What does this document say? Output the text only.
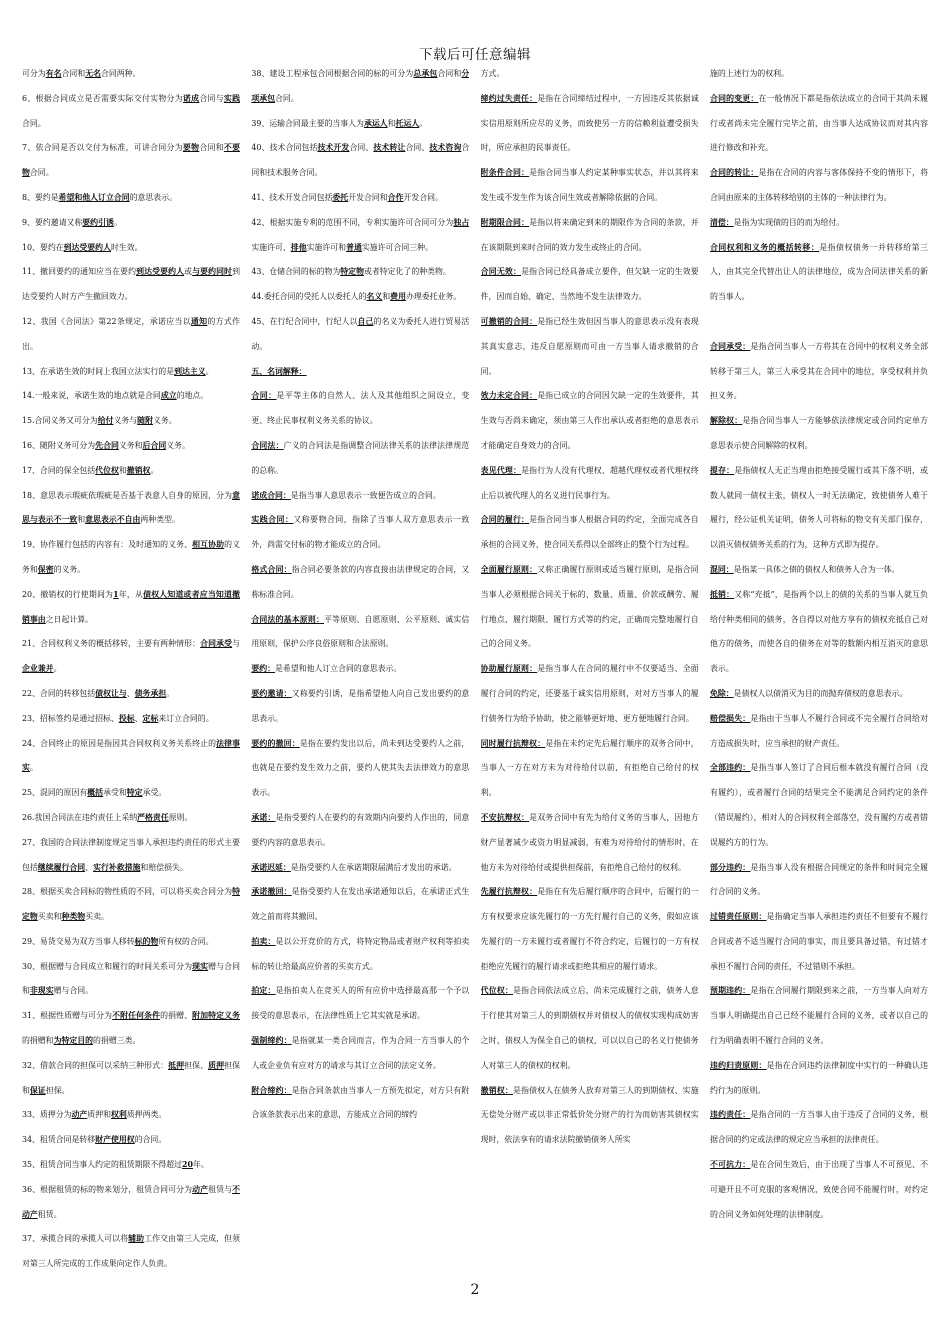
下载后可任意编辑

可分为有名合同和无名合同两种。

6、根据合同成立是否需要实际交付实物分为诺成合同与实践合同。

7、依合同是否以交付为标准，可讲合同分为要物合同和不要物合同。

8、要约是希望和他人订立合同的意思表示。

9、要约邀请又称要约引诱。

10、要约在到达受要约人时生效。

11、撤回要约的通知应当在要约到达受要约人或与要约同时到达受要约人时方产生撤回效力。

12、我国《合同法》第22条规定，承诺应当以通知的方式作出。

13、在承诺生效的时间上我国立法实行的是到达主义。

14.一般来说，承诺生效的地点就是合同成立的地点。

15.合同义务又可分为给付义务与随附义务。

16、随附义务可分为先合同义务和后合同义务。

17、合同的保全包括代位权和撤销权。

18、意思表示瑕疵依瑕疵是否基于表意人自身的原因，分为意思与表示不一致和意思表示不自由两种类型。

19、协作履行包括的内容有：及时通知的义务、相互协助的义务和保密的义务。

20、撤销权的行使期间为1年，从债权人知道或者应当知道撤销事由之日起计算。

21、合同权利义务的概括移转，主要有两种情形：合同承受与企业兼并。

22、合同的转移包括债权让与、债务承担。

23、招标签约是通过招标、投标、定标来订立合同的。

24、合同终止的原因是指因其合同权利义务关系终止的法律事实。

25、混同的原因有概括承受和特定承受。

26.我国合同法在违约责任上采纳严格责任原则。

27、我国的合同法律制度规定当事人承担违约责任的形式主要包括继续履行合同、实行补救措施和赔偿损失。

28、根据买卖合同标的物性质的不同，可以将买卖合同分为特定物买卖和种类物买卖。

29、易货交易为双方当事人移转标的物所有权的合同。

30、根据赠与合同成立和履行的时间关系可分为现实赠与合同和非现实赠与合同。

31、根据性质赠与可分为不附任何条件的捐赠、附加特定义务的捐赠和为特定目的的捐赠三类。

32、借款合同的担保可以采纳三种形式：抵押担保、质押担保和保证担保。

33、质押分为动产质押和权利质押两类。

34、租赁合同是转移财产使用权的合同。

35、租赁合同当事人约定的租赁期限不得超过20年。

36、根据租赁的标的物来划分，租赁合同可分为动产租赁与不动产租赁。

37、承揽合同的承揽人可以将辅助工作交由第三人完成，但须对第三人所完成的工作成果向定作人负责。

38、建设工程承包合同根据合同的标的可分为总承包合同和分项承包合同。

39、运输合同最主要的当事人为承运人和托运人。

40、技术合同包括技术开发合同、技术转让合同、技术咨询合同和技术服务合同。

41、技术开发合同包括委托开发合同和合作开发合同。

42、根据实施专利的范围不同，专利实施许可合同可分为独占实施许可、排他实施许可和普通实施许可合同三种。

43、仓储合同的标的物为特定物或者特定化了的种类物。

44.委托合同的受托人以委托人的名义和费用办理委托业务。

45、在行纪合同中，行纪人以自己的名义为委托人进行贸易活动。

五、名词解释：

合同：是平等主体的自然人、法人及其他组织之间设立，变更、终止民事权利义务关系的协议。

合同法：广义的合同法是指调整合同法律关系的法律法律规范的总称。

诺成合同：是指当事人意思表示一致便告成立的合同。

实践合同：又称要物合同，指除了当事人双方意思表示一致外，尚需交付标的物才能成立的合同。

格式合同：指合同必要条款的内容直接由法律规定的合同，又称标准合同。

合同法的基本原则：平等原则、自愿原则、公平原则、诚实信用原则，保护公序良俗原则和合法原则。

要约：是希望和他人订立合同的意思表示。

要约邀请：又称要约引诱，是指希望他人向自己发出要约的意思表示。

要约的撤回：是指在要约发出以后，尚未到达受要约人之前，也就是在要约发生效力之前，要约人使其失去法律效力的意思表示。

承诺：是指受要约人在要约的有效期内向要约人作出的，同意要约内容的意思表示。

承诺迟延：是指受要约人在承诺期限届满后才发出的承诺。

承诺撤回：是指受要约人在发出承诺通知以后，在承诺正式生效之前而将其撤回。

拍卖：是以公开竞价的方式，将特定物品或者财产权利等拍卖标的转让给最高应价者的买卖方式。

拍定：是指拍卖人在竞买人的所有应价中选择最高那一个予以接受的意思表示，在法律性质上它其实就是承诺。

强制缔约：是指就某一类合同而言，作为合同一方当事人的个人或企业负有应对方的请求与其订立合同的法定义务。

附合缔约：是指合同条款由当事人一方预先拟定，对方只有附合该条款表示出来的意思，方能成立合同的缔约

方式。

缔约过失责任：是指在合同缔结过程中，一方因违反其依据诚实信用原则所应尽的义务，而致使另一方的信赖利益遭受损失时，所应承担的民事责任。

附条件合同：是指合同当事人约定某种事实状态，并以其将来发生或不发生作为该合同生效或者解除依据的合同。

附期限合同：是指以将来确定到来的期限作为合同的条款，并在该期限到来时合同的效力发生或终止的合同。

合同无效：是指合同已经具备成立要件，但欠缺一定的生效要件，因而自始、确定、当然地不发生法律效力。

可撤销的合同：是指已经生效但因当事人的意思表示没有表现其真实意志，违反自愿原则而可由一方当事人请求撤销的合同。

效力未定合同：是指已成立的合同因欠缺一定的生效要件，其生效与否尚未确定，须由第三人作出承认或者拒绝的意思表示才能确定自身效力的合同。

表见代理：是指行为人没有代理权、超越代理权或者代理权终止后以被代理人的名义进行民事行为。

合同的履行：是指合同当事人根据合同的约定，全面完成各自承担的合同义务，使合同关系得以全部终止的整个行为过程。

全面履行原则：又称正确履行原则或适当履行原则，是指合同当事人必须根据合同关于标的、数量、质量、价款或酬劳、履行地点、履行期限、履行方式等的约定，正确而完整地履行自己的合同义务。

协助履行原则：是指当事人在合同的履行中不仅要适当、全面履行合同的约定，还要基于诚实信用原则，对对方当事人的履行债务行为给予协助，使之能够更好地、更方便地履行合同。

同时履行抗辩权：是指在未约定先后履行顺序的双务合同中，当事人一方在对方未为对待给付以前，有拒绝自己给付的权利。

不安抗辩权：是双务合同中有先为给付义务的当事人，因他方财产显著减少或资力明显减弱，有难为对待给付的情形时，在他方未为对待给付或提供担保前，有拒绝自己给付的权利。

先履行抗辩权：是指在有先后履行顺序的合同中，后履行的一方有权要求应该先履行的一方先行履行自己的义务，假如应该先履行的一方未履行或者履行不符合约定，后履行的一方有权拒绝应先履行的履行请求或拒绝其相应的履行请求。

代位权：是指合同依法成立后，尚未完成履行之前，债务人怠于行使其对第三人的到期债权并对债权人的债权实现构成妨害之时，债权人为保全自己的债权，可以以自己的名义行使债务人对第三人的债权的权利。

撤销权：是指债权人在债务人放弃对第三人的到期债权、实施无偿处分财产或以非正常低价处分财产的行为而妨害其债权实现时，依法享有的请求法院撤销债务人所实

施的上述行为的权利。

合同的变更：在一般情况下都是指依法成立的合同于其尚未履行或者尚未完全履行完毕之前，由当事人达成协议而对其内容进行修改和补充。

合同的转让：是指在合同的内容与客体保持不变的情形下，将合同由原来的主体转移给别的主体的一种法律行为。

清偿：是指为实现债的目的而为给付。

合同权利和义务的概括转移：是指债权债务一并转移给第三人，由其完全代替出让人的法律地位，成为合同法律关系的新的当事人。

合同承受：是指合同当事人一方将其在合同中的权利义务全部转移于第三人，第三人承受其在合同中的地位，享受权利并负担义务。

解除权：是指合同当事人一方能够依法律规定或合同约定单方意思表示使合同解除的权利。

提存：是指债权人无正当理由拒绝接受履行或其下落不明，或数人就同一债权主张，债权人一时无法确定，致使债务人难于履行，经公证机关证明，债务人可将标的物交有关部门保存，以消灭债权债务关系的行为，这种方式即为提存。

混同：是指某一具体之债的债权人和债务人合为一体。

抵销：又称“充抵”，是指两个以上的债的关系的当事人就互负给付种类相同的债务，各自得以对他方享有的债权充抵自己对他方的债务，而使各自的债务在对等的数额内相互消灭的意思表示。

免除：是债权人以债消灭为目的而抛弃债权的意思表示。

赔偿损失：是指由于当事人不履行合同或不完全履行合同给对方造成损失时，应当承担的财产责任。

全部违约：是指当事人签订了合同后根本就没有履行合同（没有履约），或者履行合同的结果完全不能满足合同约定的条件（错误履约），相对人的合同权利全部落空，没有履约方或者错误履约方的行为。

部分违约：是指当事人没有根据合同规定的条件和时间完全履行合同的义务。

过错责任原则：是指确定当事人承担违约责任不但要有不履行合同或者不适当履行合同的事实，而且要具备过错，有过错才承担不履行合同的责任，不过错则不承担。

预期违约：是指在合同履行期限到来之前，一方当事人向对方当事人明确提出自己已经不能履行合同的义务，或者以自己的行为明确表明不履行合同的义务。

违约归责原则：是指在合同违约法律制度中实行的一种确认违约行为的原则。

违约责任：是指合同的一方当事人由于违反了合同的义务，根据合同的约定或法律的规定应当承担的法律责任。

不可抗力：是在合同生效后，由于出现了当事人不可预见、不可避开且不可克服的客观情况，致使合同不能履行时，对约定的合同义务如何处理的法律制度。

2
